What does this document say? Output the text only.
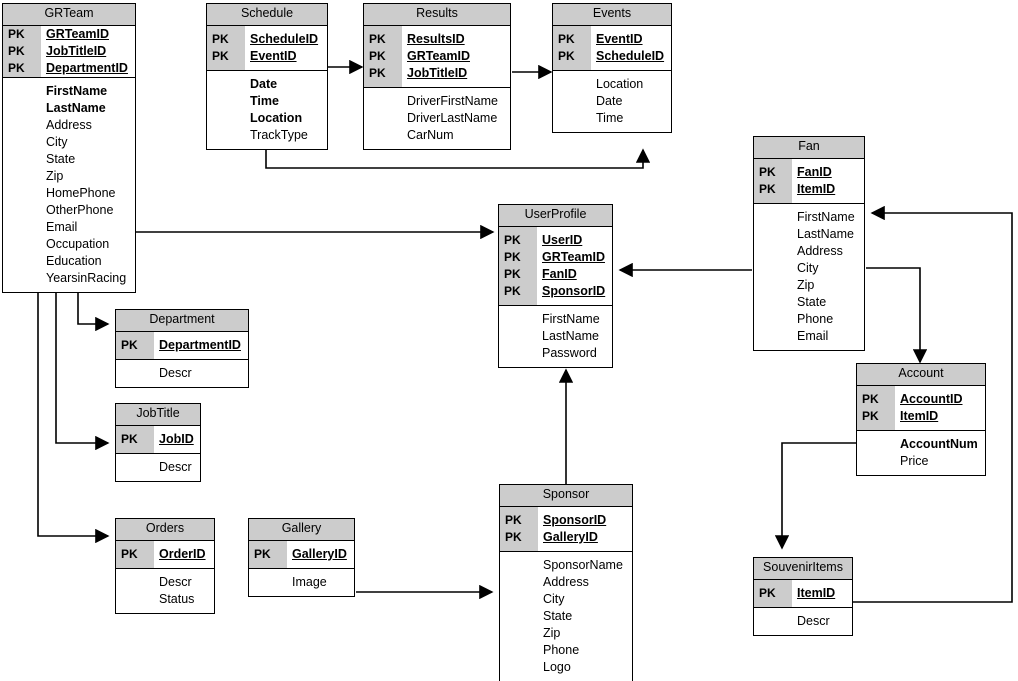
GRTeam
PK	GRTeamID
PK	JobTitleID
PK	DepartmentID

	FirstName
	LastName
	Address
	City
	State
	Zip
	HomePhone
	OtherPhone
	Email
	Occupation
	Education
	YearsinRacing

Schedule

PK	ScheduleID
PK	EventID

	Date
	Time
	Location
	TrackType

Results

PK	ResultsID
PK	GRTeamID
PK	JobTitleID

	DriverFirstName
	DriverLastName
	CarNum

Events

PK	EventID
PK	ScheduleID

	Location
	Date
	Time

Fan

PK	FanID
PK	ItemID

	FirstName
	LastName
	Address
	City
	Zip
	State
	Phone
	Email

UserProfile

PK	UserID
PK	GRTeamID
PK	FanID
PK	SponsorID

	FirstName
	LastName
	Password

Department

PK	DepartmentID

	Descr

JobTitle

PK	JobID

	Descr

Account

PK	AccountID
PK	ItemID

	AccountNum
	Price

Orders

PK	OrderID

	Descr
	Status

Gallery

PK	GalleryID

	Image

Sponsor

PK	SponsorID
PK	GalleryID

	SponsorName
	Address
	City
	State
	Zip
	Phone
	Logo

SouvenirItems

PK	ItemID

	Descr
